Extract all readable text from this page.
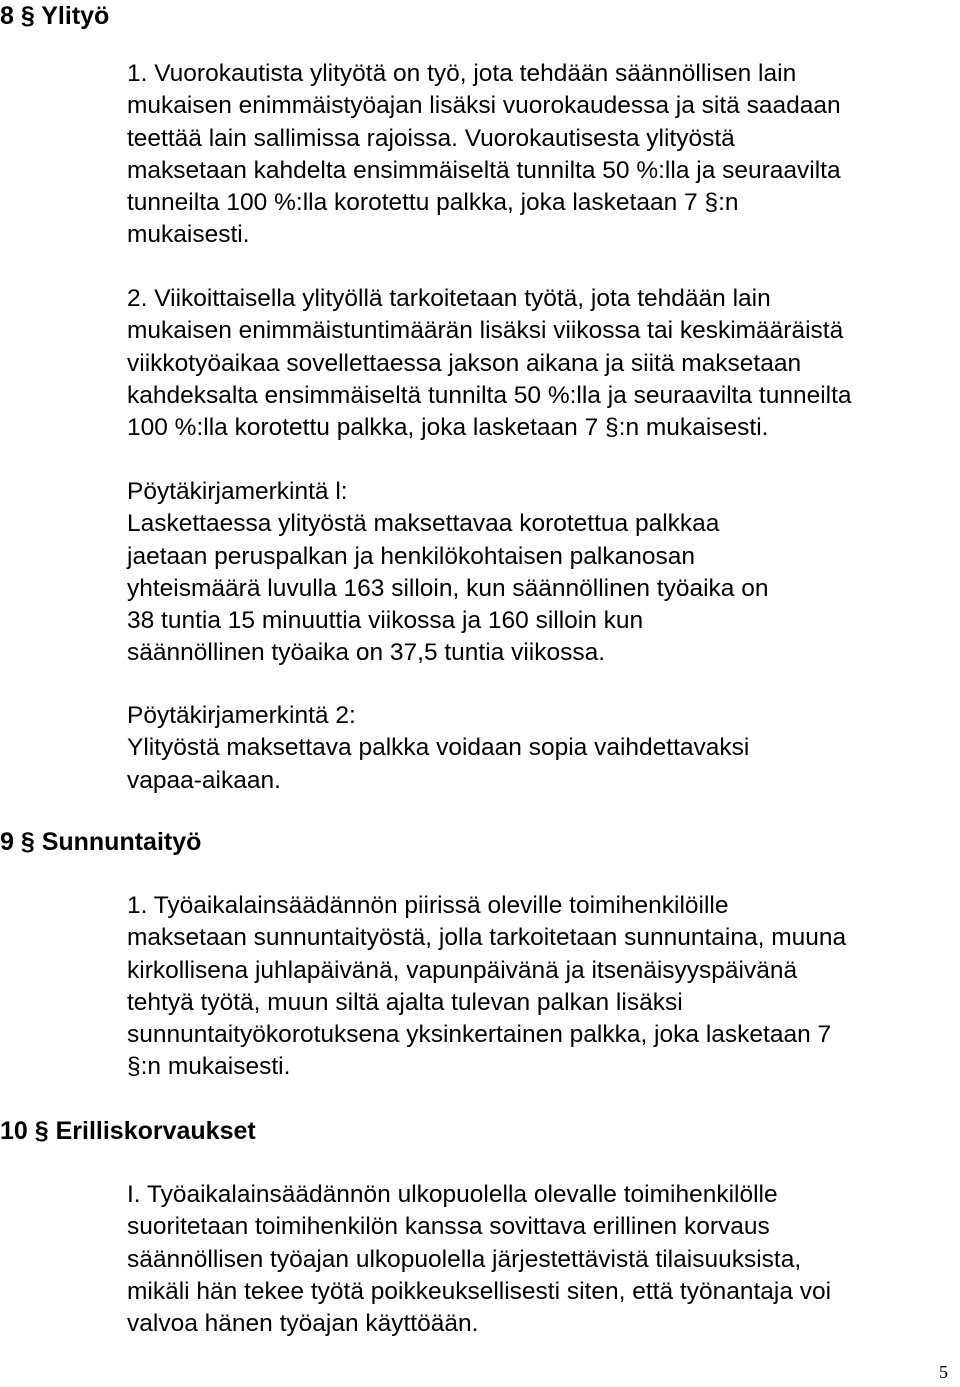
8 § Ylityö
1. Vuorokautista ylityötä on työ, jota tehdään säännöllisen lain
mukaisen enimmäistyöajan lisäksi vuorokaudessa ja sitä saadaan
teettää lain sallimissa rajoissa. Vuorokautisesta ylityöstä
maksetaan kahdelta ensimmäiseltä tunnilta 50 %:lla ja seuraavilta
tunneilta 100 %:lla korotettu palkka, joka lasketaan 7 §:n
mukaisesti.
2. Viikoittaisella ylityöllä tarkoitetaan työtä, jota tehdään lain
mukaisen enimmäistuntimäärän lisäksi viikossa tai keskimääräistä
viikkotyöaikaa sovellettaessa jakson aikana ja siitä maksetaan
kahdeksalta ensimmäiseltä tunnilta 50 %:lla ja seuraavilta tunneilta
100 %:lla korotettu palkka, joka lasketaan 7 §:n mukaisesti.
Pöytäkirjamerkintä l:
Laskettaessa ylityöstä maksettavaa korotettua palkkaa
jaetaan peruspalkan ja henkilökohtaisen palkanosan
yhteismäärä luvulla 163 silloin, kun säännöllinen työaika on
38 tuntia 15 minuuttia viikossa ja 160 silloin kun
säännöllinen työaika on 37,5 tuntia viikossa.
Pöytäkirjamerkintä 2:
Ylityöstä maksettava palkka voidaan sopia vaihdettavaksi
vapaa-aikaan.
9 § Sunnuntaityö
1. Työaikalainsäädännön piirissä oleville toimihenkilöille
maksetaan sunnuntaityöstä, jolla tarkoitetaan sunnuntaina, muuna
kirkollisena juhlapäivänä, vapunpäivänä ja itsenäisyyspäivänä
tehtyä työtä, muun siltä ajalta tulevan palkan lisäksi
sunnuntaityökorotuksena yksinkertainen palkka, joka lasketaan 7
§:n mukaisesti.
10 § Erilliskorvaukset
I. Työaikalainsäädännön ulkopuolella olevalle toimihenkilölle
suoritetaan toimihenkilön kanssa sovittava erillinen korvaus
säännöllisen työajan ulkopuolella järjestettävistä tilaisuuksista,
mikäli hän tekee työtä poikkeuksellisesti siten, että työnantaja voi
valvoa hänen työajan käyttöään.
5
